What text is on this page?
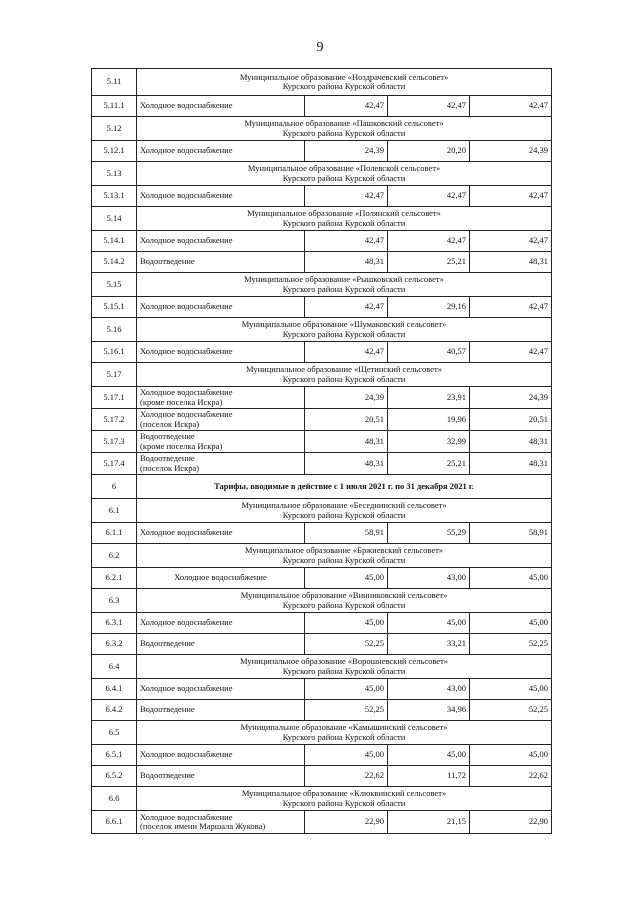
9
5.11	Муниципальное образование «Ноздрачевский сельсовет»
Курского района Курской области			

5.11.1	Холодное водоснабжение	42,47	42,47	42,47
5.12	Муниципальное образование «Пашковский сельсовет»
Курского района Курской области			

5.12.1	Холодное водоснабжение	24,39	20,20	24,39
5.13	Муниципальное образование «Полевской сельсовет»
Курского района Курской области			

5.13.1	Холодное водоснабжение	42,47	42,47	42,47
5.14	Муниципальное образование «Полянский сельсовет»
Курского района Курской области			

5.14.1	Холодное водоснабжение	42,47	42,47	42,47
5.14.2	Водоотведение	48,31	25,21	48,31
5.15	Муниципальное образование «Рышковский сельсовет»
Курского района Курской области			

5.15.1	Холодное водоснабжение	42,47	29,16	42,47
5.16	Муниципальное образование «Шумаковский сельсовет»
Курского района Курской области			

5.16.1	Холодное водоснабжение	42,47	40,57	42,47
5.17	Муниципальное образование «Щетинский сельсовет»
Курского района Курской области			

5.17.1	Холодное водоснабжение
(кроме поселка Искра)	24,39	23,91	24,39
5.17.2	Холодное водоснабжение
(поселок Искра)	20,51	19,96	20,51
5.17.3	Водоотведение
(кроме поселка Искра)	48,31	32,99	48,31
5.17.4	Водоотведение
(поселок Искра)	48,31	25,21	48,31
6	Тарифы, вводимые в действие с 1 июля 2021 г. по 31 декабря 2021 г.			
6.1	Муниципальное образование «Беседнинский сельсовет»
Курского района Курской области			

6.1.1	Холодное водоснабжение	58,91	55,29	58,91
6.2	Муниципальное образование «Бржиевский сельсовет»
Курского района Курской области			

6.2.1	Холодное водоснабжение	45,00	43,00	45,00
6.3	Муниципальное образование «Винниковский сельсовет»
Курского района Курской области			

6.3.1	Холодное водоснабжение	45,00	45,00	45,00
6.3.2	Водоотведение	52,25	33,21	52,25
6.4	Муниципальное образование «Ворошневский сельсовет»
Курского района Курской области			

6.4.1	Холодное водоснабжение	45,00	43,00	45,00
6.4.2	Водоотведение	52,25	34,96	52,25
6.5	Муниципальное образование «Камышинский сельсовет»
Курского района Курской области			

6.5.1	Холодное водоснабжение	45,00	45,00	45,00
6.5.2	Водоотведение	22,62	11,72	22,62
6.6	Муниципальное образование «Клюквинский сельсовет»
Курского района Курской области			

6.6.1	Холодное водоснабжение
(поселок имени Маршала Жукова)	22,90	21,15	22,90
